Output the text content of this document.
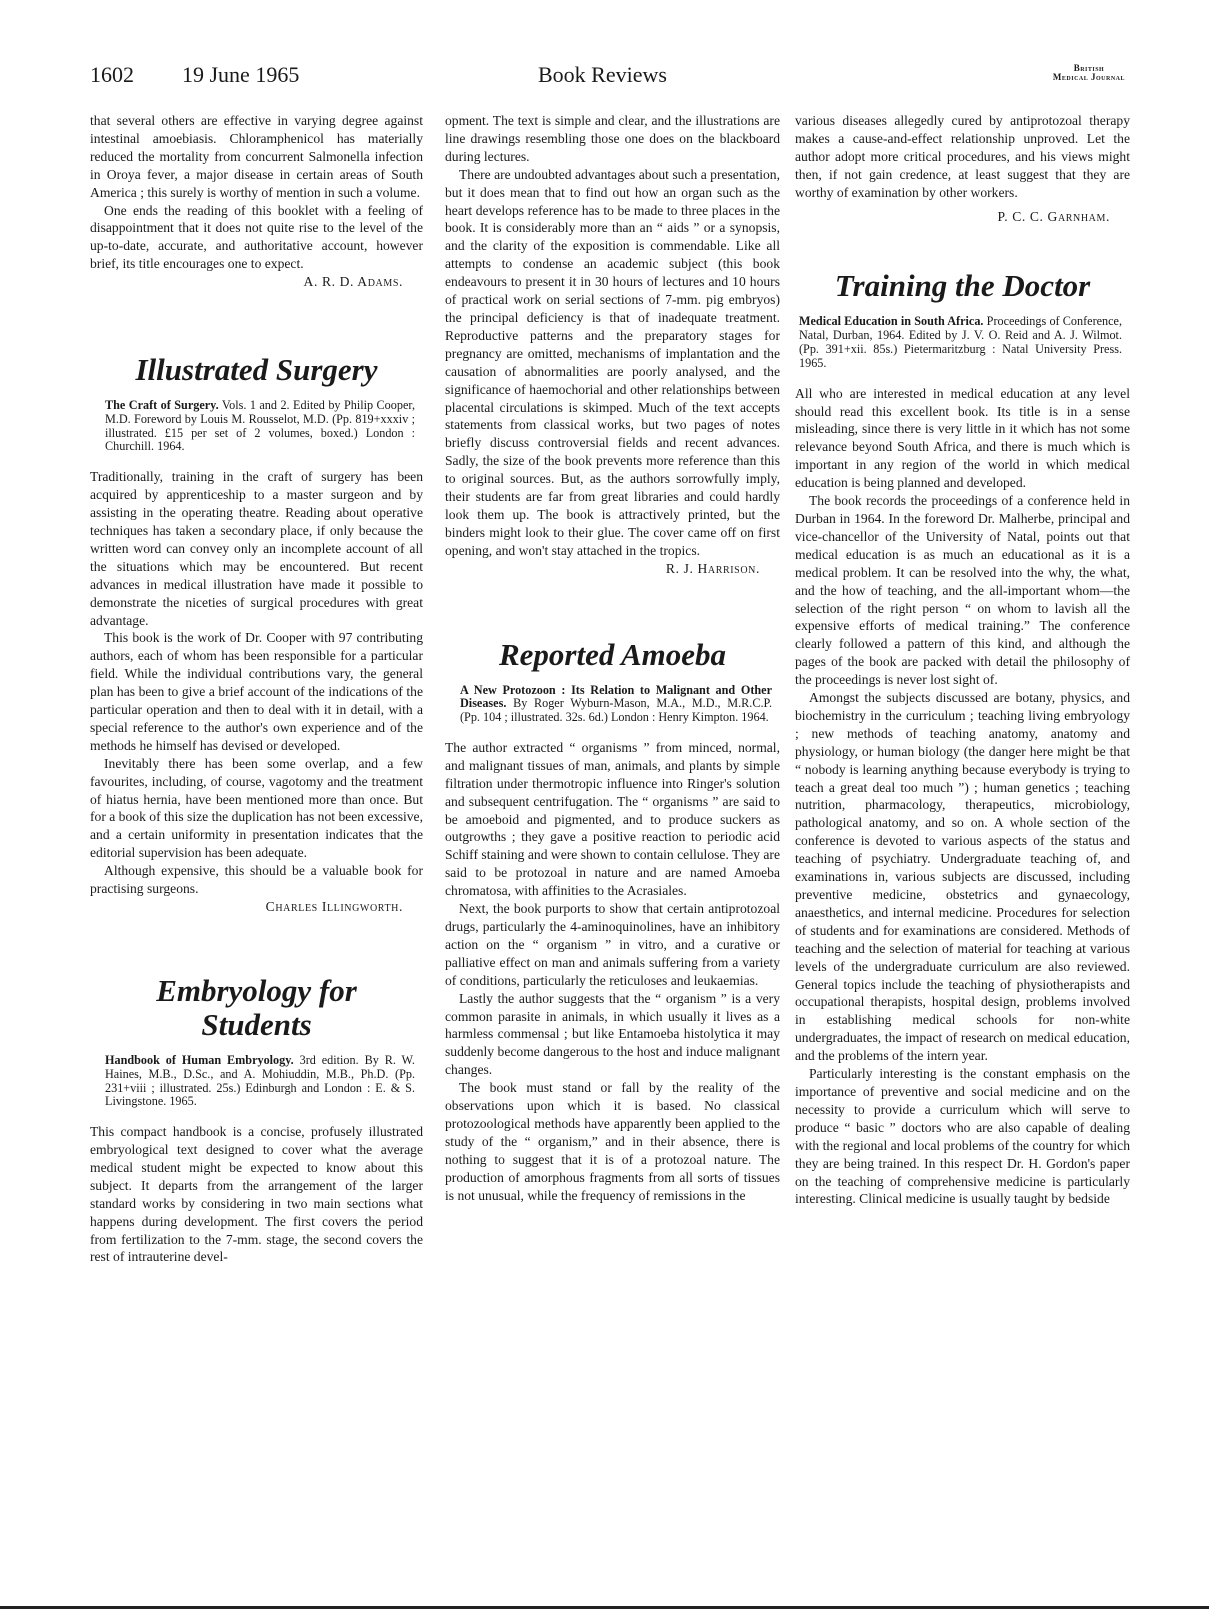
1602 19 June 1965	Book Reviews	British
Medical Journal

that several others are effective in varying degree against intestinal amoebiasis. Chloramphenicol has materially reduced the mortality from concurrent Salmonella infection in Oroya fever, a major disease in certain areas of South America ; this surely is worthy of mention in such a volume.

One ends the reading of this booklet with a feeling of disappointment that it does not quite rise to the level of the up-to-date, accurate, and authoritative account, however brief, its title encourages one to expect.

A. R. D. Adams.

Illustrated Surgery
The Craft of Surgery. Vols. 1 and 2. Edited by Philip Cooper, M.D. Foreword by Louis M. Rousselot, M.D. (Pp. 819+xxxiv ; illustrated. £15 per set of 2 volumes, boxed.) London : Churchill. 1964.

Traditionally, training in the craft of surgery has been acquired by apprenticeship to a master surgeon and by assisting in the operating theatre. Reading about operative techniques has taken a secondary place, if only because the written word can convey only an incomplete account of all the situations which may be encountered. But recent advances in medical illustration have made it possible to demonstrate the niceties of surgical procedures with great advantage.

This book is the work of Dr. Cooper with 97 contributing authors, each of whom has been responsible for a particular field. While the individual contributions vary, the general plan has been to give a brief account of the indications of the particular operation and then to deal with it in detail, with a special reference to the author's own experience and of the methods he himself has devised or developed.

Inevitably there has been some overlap, and a few favourites, including, of course, vagotomy and the treatment of hiatus hernia, have been mentioned more than once. But for a book of this size the duplication has not been excessive, and a certain uniformity in presentation indicates that the editorial supervision has been adequate.

Although expensive, this should be a valuable book for practising surgeons.

Charles Illingworth.

Embryology for
Students
Handbook of Human Embryology. 3rd edition. By R. W. Haines, M.B., D.Sc., and A. Mohiuddin, M.B., Ph.D. (Pp. 231+viii ; illustrated. 25s.) Edinburgh and London : E. & S. Livingstone. 1965.

This compact handbook is a concise, profusely illustrated embryological text designed to cover what the average medical student might be expected to know about this subject. It departs from the arrangement of the larger standard works by considering in two main sections what happens during development. The first covers the period from fertilization to the 7-mm. stage, the second covers the rest of intrauterine devel-

opment. The text is simple and clear, and the illustrations are line drawings resembling those one does on the blackboard during lectures.

There are undoubted advantages about such a presentation, but it does mean that to find out how an organ such as the heart develops reference has to be made to three places in the book. It is considerably more than an “ aids ” or a synopsis, and the clarity of the exposition is commendable. Like all attempts to condense an academic subject (this book endeavours to present it in 30 hours of lectures and 10 hours of practical work on serial sections of 7-mm. pig embryos) the principal deficiency is that of inadequate treatment. Reproductive patterns and the preparatory stages for pregnancy are omitted, mechanisms of implantation and the causation of abnormalities are poorly analysed, and the significance of haemochorial and other relationships between placental circulations is skimped. Much of the text accepts statements from classical works, but two pages of notes briefly discuss controversial fields and recent advances. Sadly, the size of the book prevents more reference than this to original sources. But, as the authors sorrowfully imply, their students are far from great libraries and could hardly look them up. The book is attractively printed, but the binders might look to their glue. The cover came off on first opening, and won't stay attached in the tropics.

R. J. Harrison.

Reported Amoeba
A New Protozoon : Its Relation to Malignant and Other Diseases. By Roger Wyburn-Mason, M.A., M.D., M.R.C.P. (Pp. 104 ; illustrated. 32s. 6d.) London : Henry Kimpton. 1964.

The author extracted “ organisms ” from minced, normal, and malignant tissues of man, animals, and plants by simple filtration under thermotropic influence into Ringer's solution and subsequent centrifugation. The “ organisms ” are said to be amoeboid and pigmented, and to produce suckers as outgrowths ; they gave a positive reaction to periodic acid Schiff staining and were shown to contain cellulose. They are said to be protozoal in nature and are named Amoeba chromatosa, with affinities to the Acrasiales.

Next, the book purports to show that certain antiprotozoal drugs, particularly the 4-aminoquinolines, have an inhibitory action on the “ organism ” in vitro, and a curative or palliative effect on man and animals suffering from a variety of conditions, particularly the reticuloses and leukaemias.

Lastly the author suggests that the “ organism ” is a very common parasite in animals, in which usually it lives as a harmless commensal ; but like Entamoeba histolytica it may suddenly become dangerous to the host and induce malignant changes.

The book must stand or fall by the reality of the observations upon which it is based. No classical protozoological methods have apparently been applied to the study of the “ organism,” and in their absence, there is nothing to suggest that it is of a protozoal nature. The production of amorphous fragments from all sorts of tissues is not unusual, while the frequency of remissions in the

various diseases allegedly cured by antiprotozoal therapy makes a cause-and-effect relationship unproved. Let the author adopt more critical procedures, and his views might then, if not gain credence, at least suggest that they are worthy of examination by other workers.

P. C. C. Garnham.

Training the Doctor
Medical Education in South Africa. Proceedings of Conference, Natal, Durban, 1964. Edited by J. V. O. Reid and A. J. Wilmot. (Pp. 391+xii. 85s.) Pietermaritzburg : Natal University Press. 1965.

All who are interested in medical education at any level should read this excellent book. Its title is in a sense misleading, since there is very little in it which has not some relevance beyond South Africa, and there is much which is important in any region of the world in which medical education is being planned and developed.

The book records the proceedings of a conference held in Durban in 1964. In the foreword Dr. Malherbe, principal and vice-chancellor of the University of Natal, points out that medical education is as much an educational as it is a medical problem. It can be resolved into the why, the what, and the how of teaching, and the all-important whom—the selection of the right person “ on whom to lavish all the expensive efforts of medical training.” The conference clearly followed a pattern of this kind, and although the pages of the book are packed with detail the philosophy of the proceedings is never lost sight of.

Amongst the subjects discussed are botany, physics, and biochemistry in the curriculum ; teaching living embryology ; new methods of teaching anatomy, anatomy and physiology, or human biology (the danger here might be that “ nobody is learning anything because everybody is trying to teach a great deal too much ”) ; human genetics ; teaching nutrition, pharmacology, therapeutics, microbiology, pathological anatomy, and so on. A whole section of the conference is devoted to various aspects of the status and teaching of psychiatry. Undergraduate teaching of, and examinations in, various subjects are discussed, including preventive medicine, obstetrics and gynaecology, anaesthetics, and internal medicine. Procedures for selection of students and for examinations are considered. Methods of teaching and the selection of material for teaching at various levels of the undergraduate curriculum are also reviewed. General topics include the teaching of physiotherapists and occupational therapists, hospital design, problems involved in establishing medical schools for non-white undergraduates, the impact of research on medical education, and the problems of the intern year.

Particularly interesting is the constant emphasis on the importance of preventive and social medicine and on the necessity to provide a curriculum which will serve to produce “ basic ” doctors who are also capable of dealing with the regional and local problems of the country for which they are being trained. In this respect Dr. H. Gordon's paper on the teaching of comprehensive medicine is particularly interesting. Clinical medicine is usually taught by bedside
